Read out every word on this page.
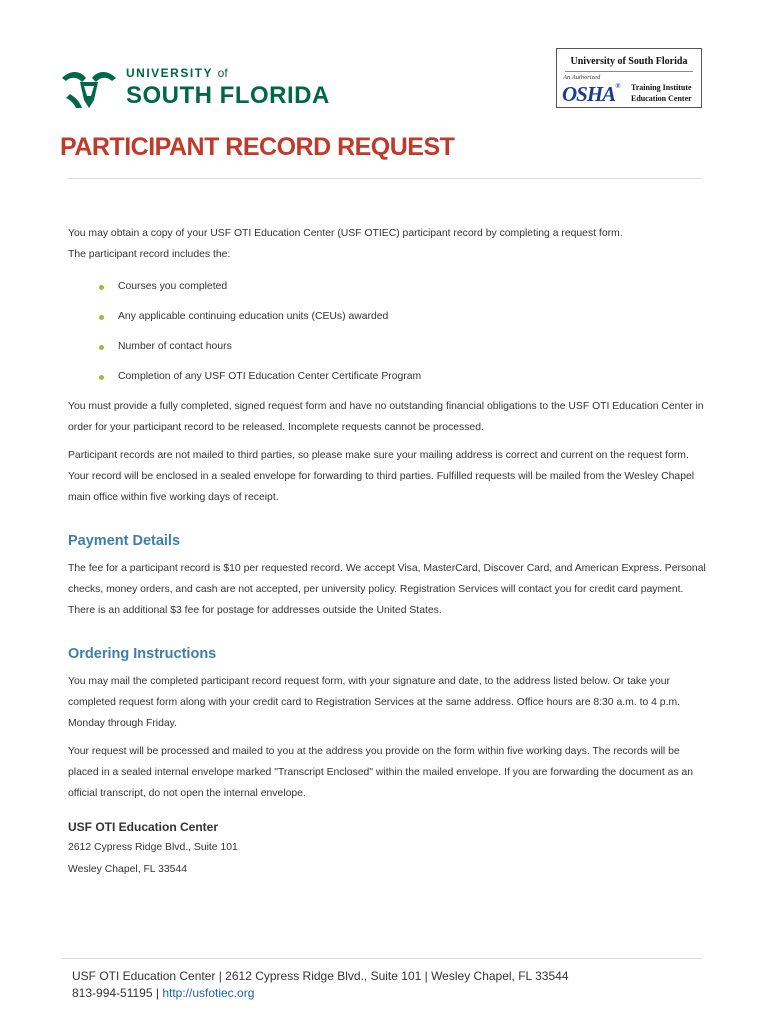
UNIVERSITY of
SOUTH FLORIDA
University of South Florida
An Authorized
OSHA® Training Institute
Education Center
PARTICIPANT RECORD REQUEST

You may obtain a copy of your USF OTI Education Center (USF OTIEC) participant record by completing a request form.
The participant record includes the:

Courses you completed
Any applicable continuing education units (CEUs) awarded
Number of contact hours
Completion of any USF OTI Education Center Certificate Program

You must provide a fully completed, signed request form and have no outstanding financial obligations to the USF OTI Education Center in order for your participant record to be released. Incomplete requests cannot be processed.

Participant records are not mailed to third parties, so please make sure your mailing address is correct and current on the request form. Your record will be enclosed in a sealed envelope for forwarding to third parties. Fulfilled requests will be mailed from the Wesley Chapel main office within five working days of receipt.

Payment Details

The fee for a participant record is $10 per requested record. We accept Visa, MasterCard, Discover Card, and American Express. Personal checks, money orders, and cash are not accepted, per university policy. Registration Services will contact you for credit card payment. There is an additional $3 fee for postage for addresses outside the United States.

Ordering Instructions

You may mail the completed participant record request form, with your signature and date, to the address listed below. Or take your completed request form along with your credit card to Registration Services at the same address. Office hours are 8:30 a.m. to 4 p.m. Monday through Friday.

Your request will be processed and mailed to you at the address you provide on the form within five working days. The records will be placed in a sealed internal envelope marked "Transcript Enclosed" within the mailed envelope. If you are forwarding the document as an official transcript, do not open the internal envelope.

USF OTI Education Center
2612 Cypress Ridge Blvd., Suite 101
Wesley Chapel, FL 33544
USF OTI Education Center | 2612 Cypress Ridge Blvd., Suite 101 | Wesley Chapel, FL 33544
813-994-51195 | http://usfotiec.org
